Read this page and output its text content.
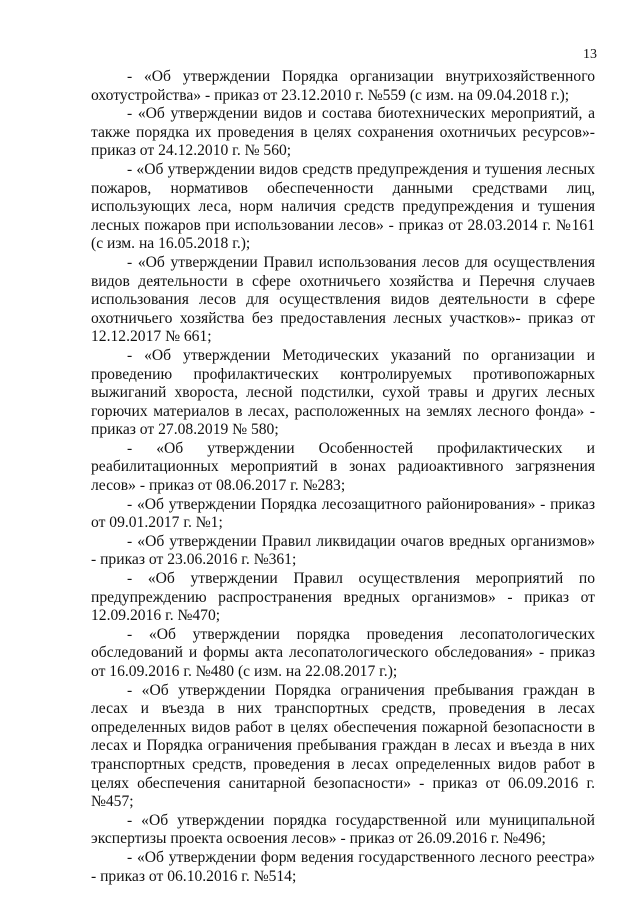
13

- «Об утверждении Порядка организации внутрихозяйственного охотустройства» - приказ от 23.12.2010 г. №559 (с изм. на 09.04.2018 г.);

- «Об утверждении видов и состава биотехнических мероприятий, а также порядка их проведения в целях сохранения охотничьих ресурсов»- приказ от 24.12.2010 г. № 560;

- «Об утверждении видов средств предупреждения и тушения лесных пожаров, нормативов обеспеченности данными средствами лиц, использующих леса, норм наличия средств предупреждения и тушения лесных пожаров при использовании лесов» - приказ от 28.03.2014 г. №161 (с изм. на 16.05.2018 г.);

- «Об утверждении Правил использования лесов для осуществления видов деятельности в сфере охотничьего хозяйства и Перечня случаев использования лесов для осуществления видов деятельности в сфере охотничьего хозяйства без предоставления лесных участков»- приказ от 12.12.2017 № 661;

- «Об утверждении Методических указаний по организации и проведению профилактических контролируемых противопожарных выжиганий хвороста, лесной подстилки, сухой травы и других лесных горючих материалов в лесах, расположенных на землях лесного фонда» - приказ от 27.08.2019 № 580;

- «Об утверждении Особенностей профилактических и реабилитационных мероприятий в зонах радиоактивного загрязнения лесов» - приказ от 08.06.2017 г. №283;

- «Об утверждении Порядка лесозащитного районирования» - приказ от 09.01.2017 г. №1;

- «Об утверждении Правил ликвидации очагов вредных организмов» - приказ от 23.06.2016 г. №361;

- «Об утверждении Правил осуществления мероприятий по предупреждению распространения вредных организмов» - приказ от 12.09.2016 г. №470;

- «Об утверждении порядка проведения лесопатологических обследований и формы акта лесопатологического обследования» - приказ от 16.09.2016 г. №480 (с изм. на 22.08.2017 г.);

- «Об утверждении Порядка ограничения пребывания граждан в лесах и въезда в них транспортных средств, проведения в лесах определенных видов работ в целях обеспечения пожарной безопасности в лесах и Порядка ограничения пребывания граждан в лесах и въезда в них транспортных средств, проведения в лесах определенных видов работ в целях обеспечения санитарной безопасности» - приказ от 06.09.2016 г. №457;

- «Об утверждении порядка государственной или муниципальной экспертизы проекта освоения лесов» - приказ от 26.09.2016 г. №496;

- «Об утверждении форм ведения государственного лесного реестра» - приказ от 06.10.2016 г. №514;
